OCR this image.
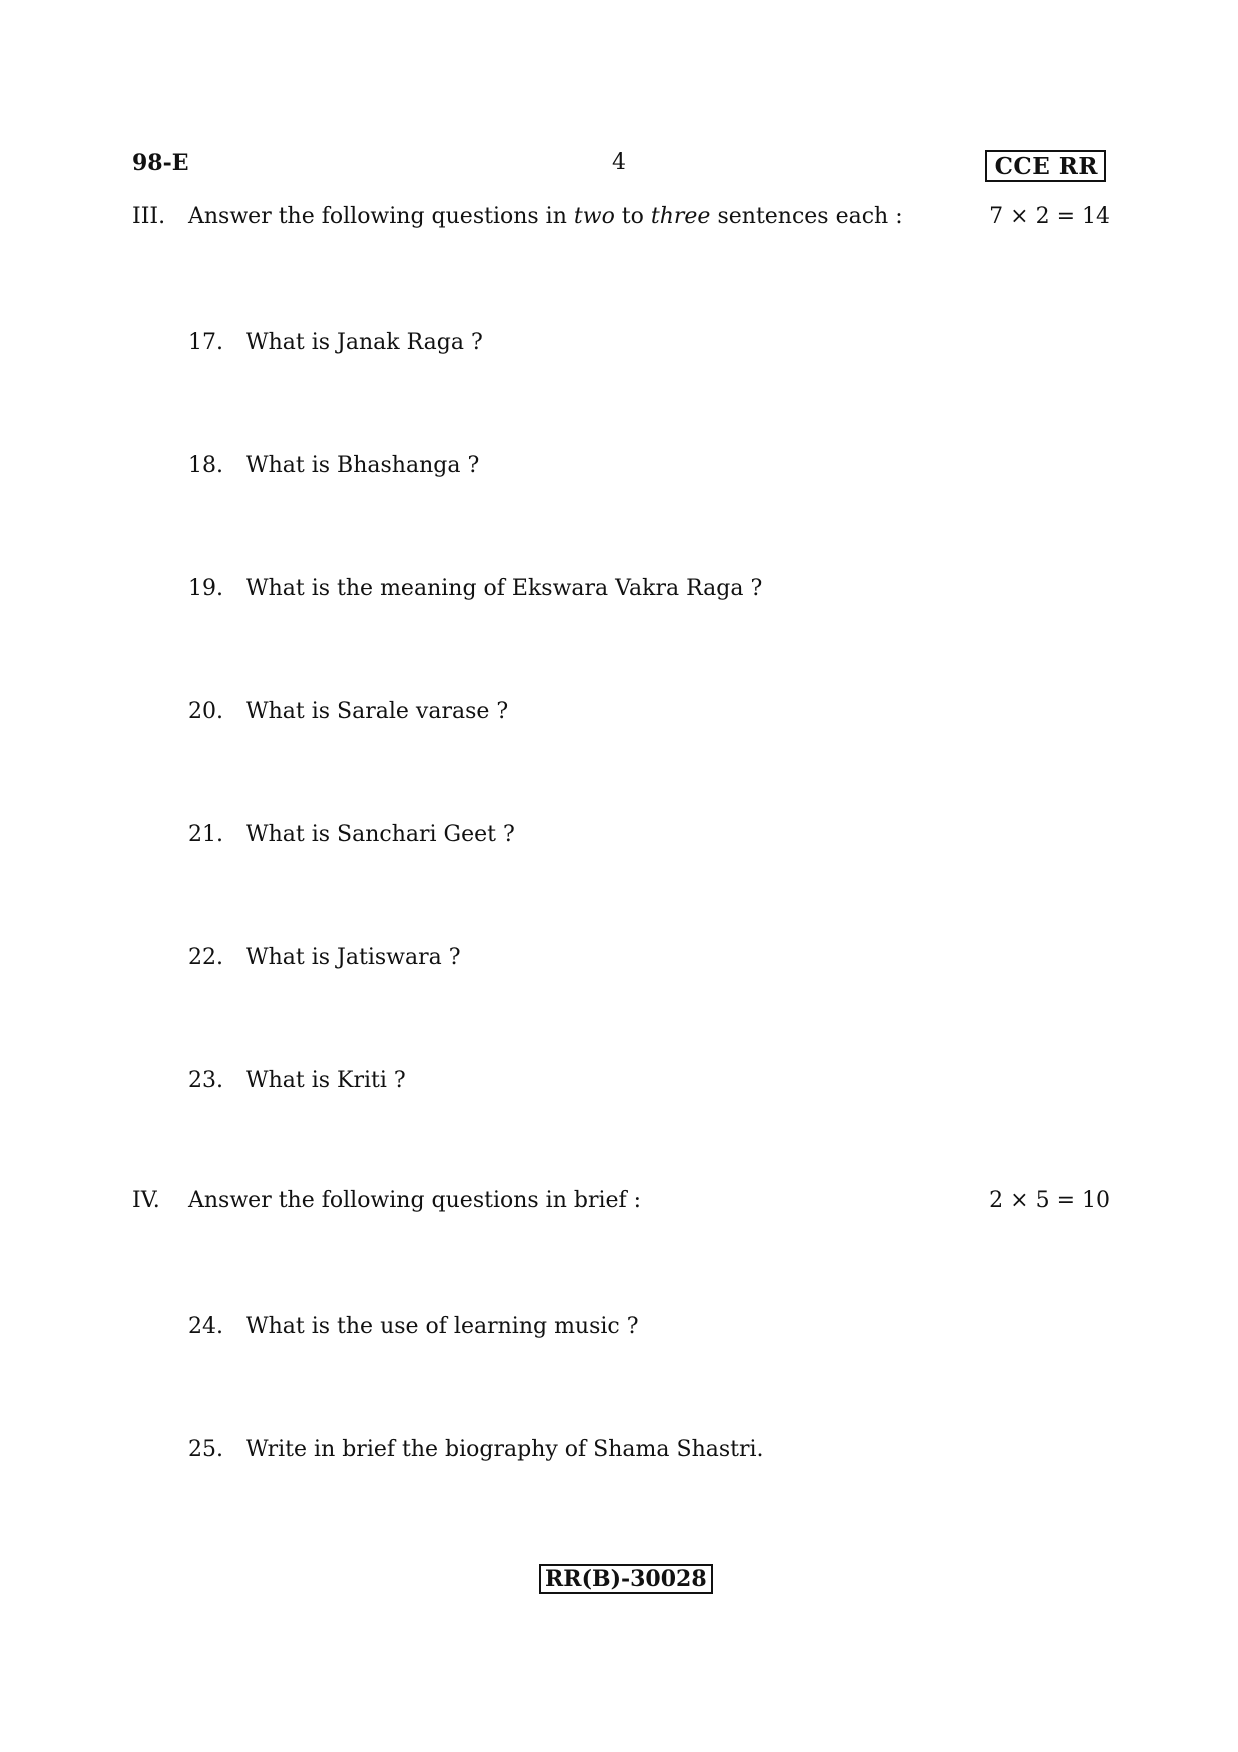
98-E	4	CCE RR
III. Answer the following questions in two to three sentences each :	7 × 2 = 14
17. What is Janak Raga ?
18. What is Bhashanga ?
19. What is the meaning of Ekswara Vakra Raga ?
20. What is Sarale varase ?
21. What is Sanchari Geet ?
22. What is Jatiswara ?
23. What is Kriti ?
IV. Answer the following questions in brief :	2 × 5 = 10
24. What is the use of learning music ?
25. Write in brief the biography of Shama Shastri.
RR(B)-30028
